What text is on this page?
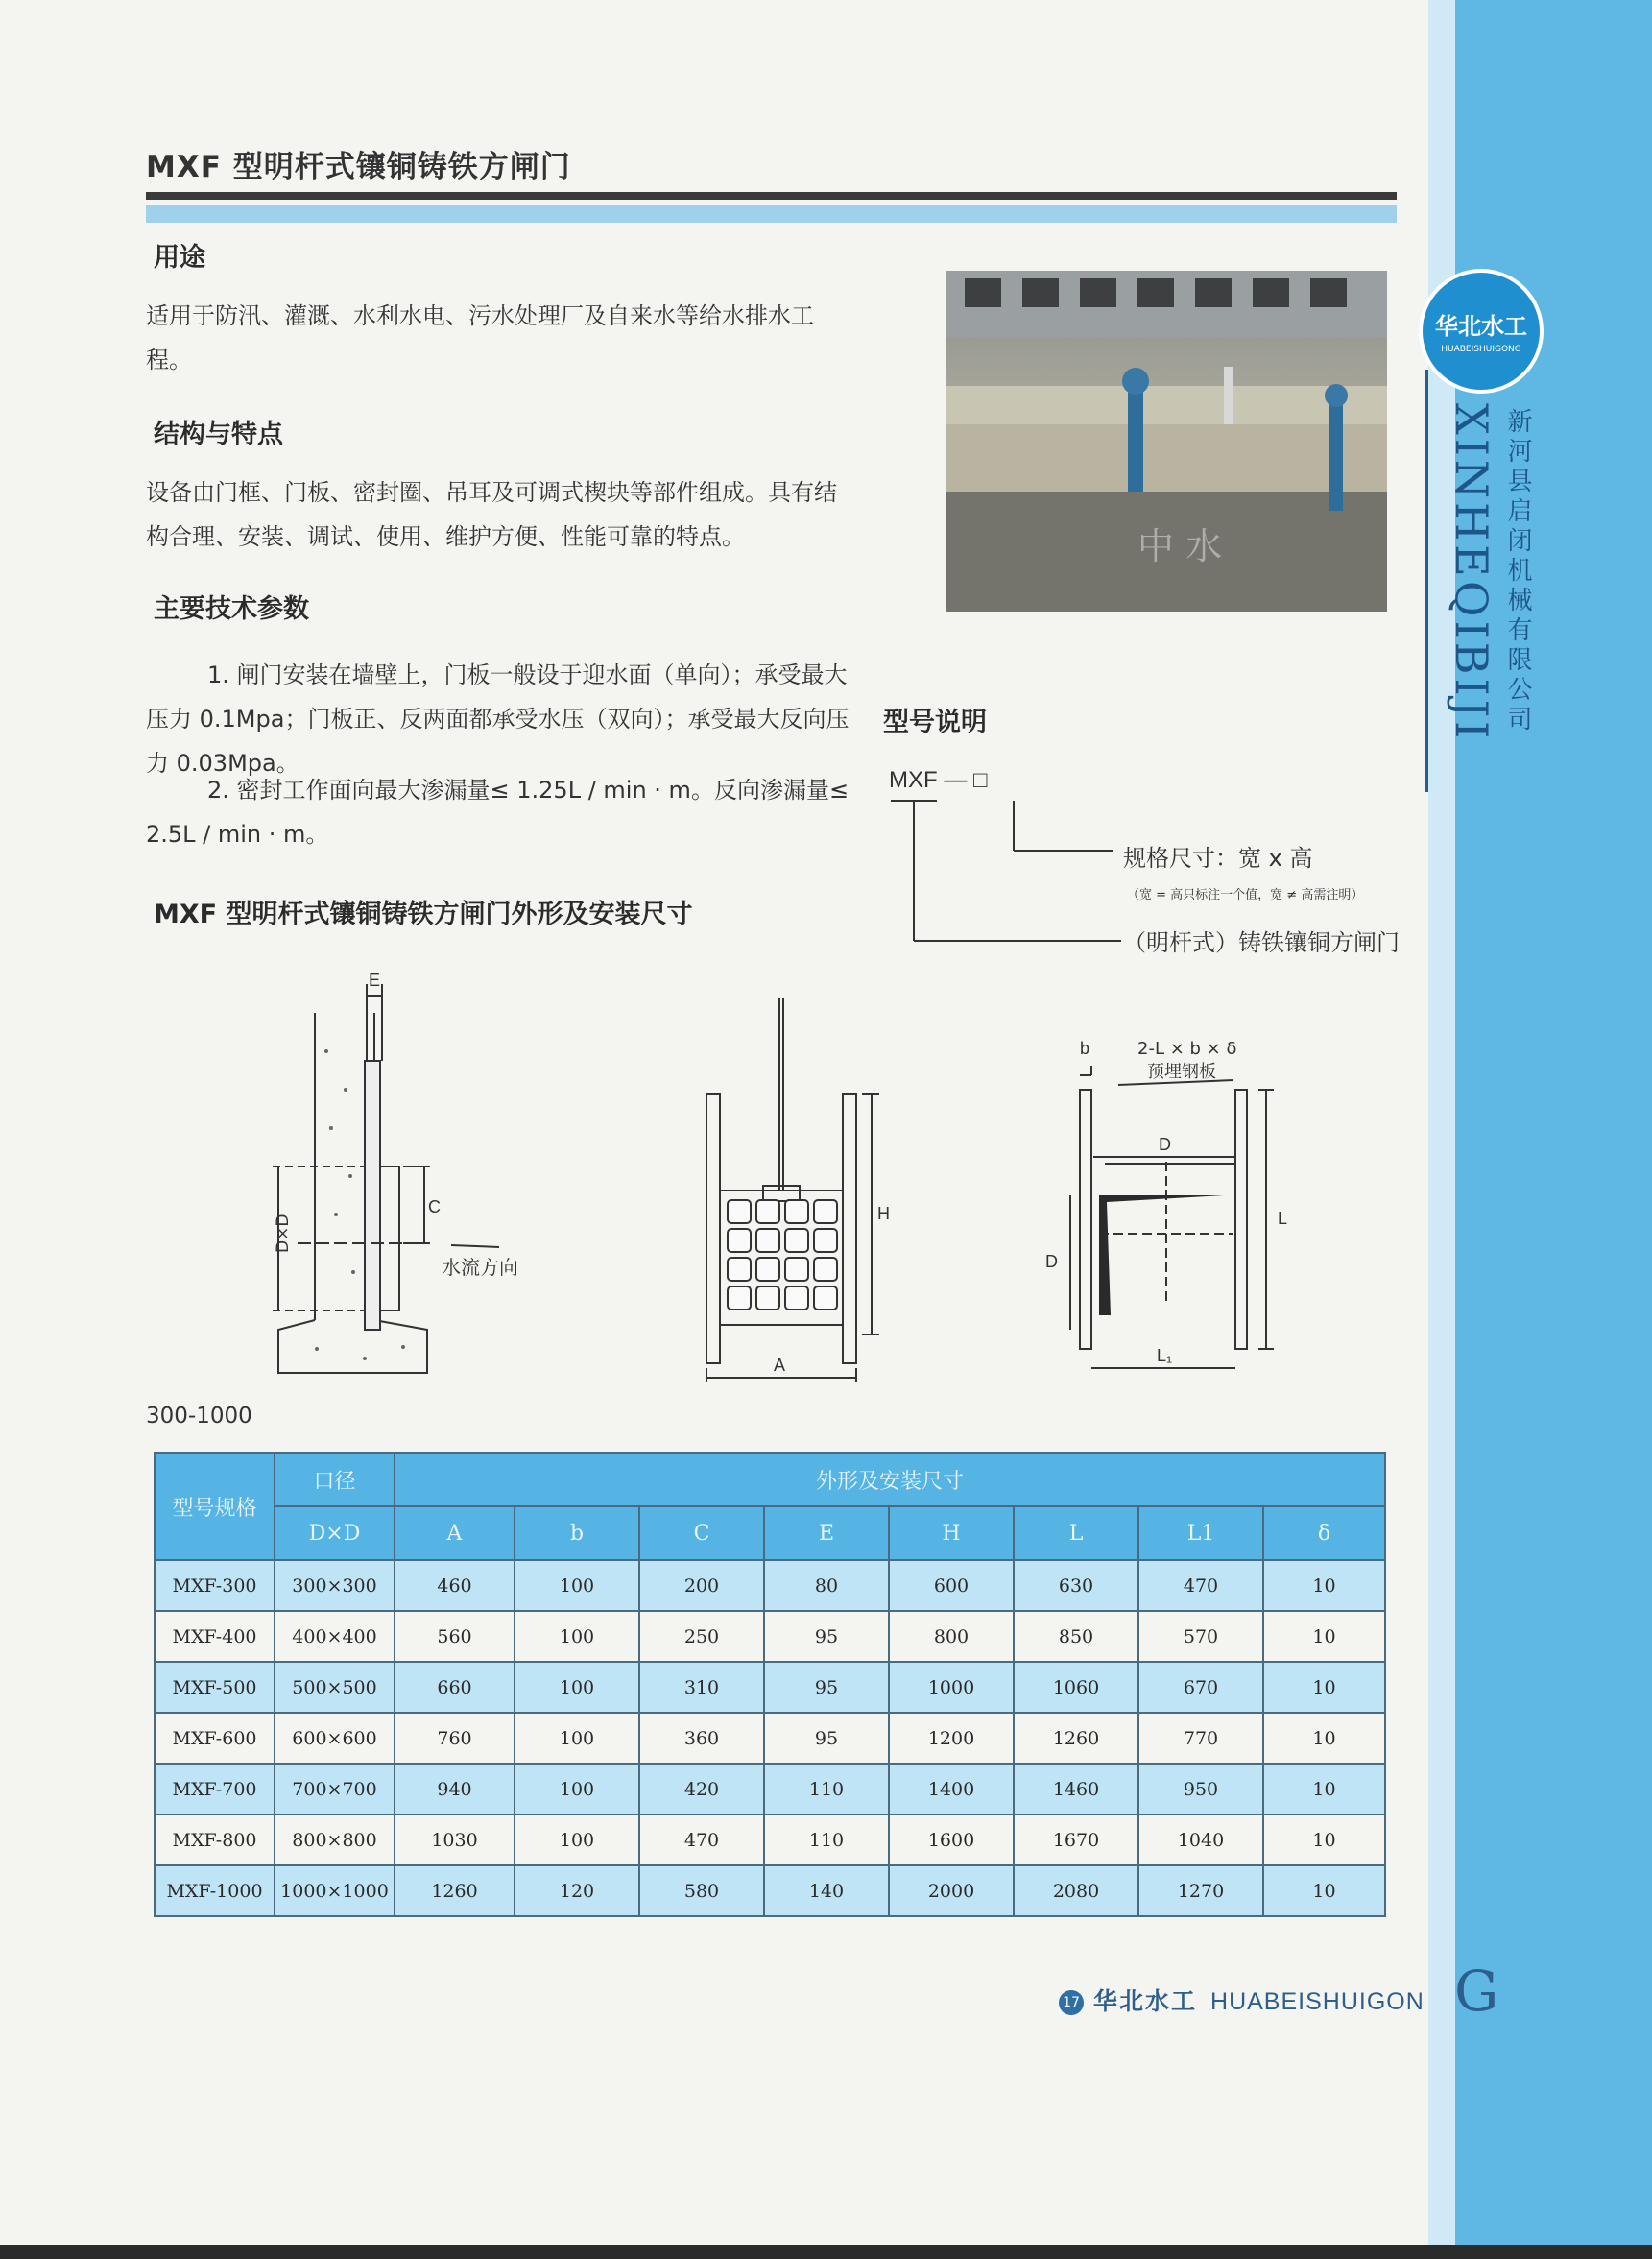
华北水工
HUABEISHUIGONG
XINHEQIBIJI 新河县启闭机械有限公司
MXF 型明杆式镶铜铸铁方闸门
用途
适用于防汛、灌溉、水利水电、污水处理厂及自来水等给水排水工程。
结构与特点
设备由门框、门板、密封圈、吊耳及可调式楔块等部件组成。具有结构合理、安装、调试、使用、维护方便、性能可靠的特点。
主要技术参数
1. 闸门安装在墙壁上，门板一般设于迎水面（单向）；承受最大压力 0.1Mpa；门板正、反两面都承受水压（双向）；承受最大反向压力 0.03Mpa。
2. 密封工作面向最大渗漏量≤ 1.25L / min · m。反向渗漏量≤ 2.5L / min · m。
中 水
型号说明
MXF — □
规格尺寸：宽 x 高
（宽 = 高只标注一个值，宽 ≠ 高需注明）
（明杆式）铸铁镶铜方闸门
MXF 型明杆式镶铜铸铁方闸门外形及安装尺寸
E
C
D×D
水流方向
H
A
b	2-L × b × δ
预埋钢板
D
D
L
L₁
300-1000
型号规格	口径	外形及安装尺寸							
	D×D	A	b	C	E	H	L	L1	δ
MXF-300	300×300	460	100	200	80	600	630	470	10
MXF-400	400×400	560	100	250	95	800	850	570	10
MXF-500	500×500	660	100	310	95	1000	1060	670	10
MXF-600	600×600	760	100	360	95	1200	1260	770	10
MXF-700	700×700	940	100	420	110	1400	1460	950	10
MXF-800	800×800	1030	100	470	110	1600	1670	1040	10
MXF-1000	1000×1000	1260	120	580	140	2000	2080	1270	10
17 华北水工 HUABEISHUIGON G
